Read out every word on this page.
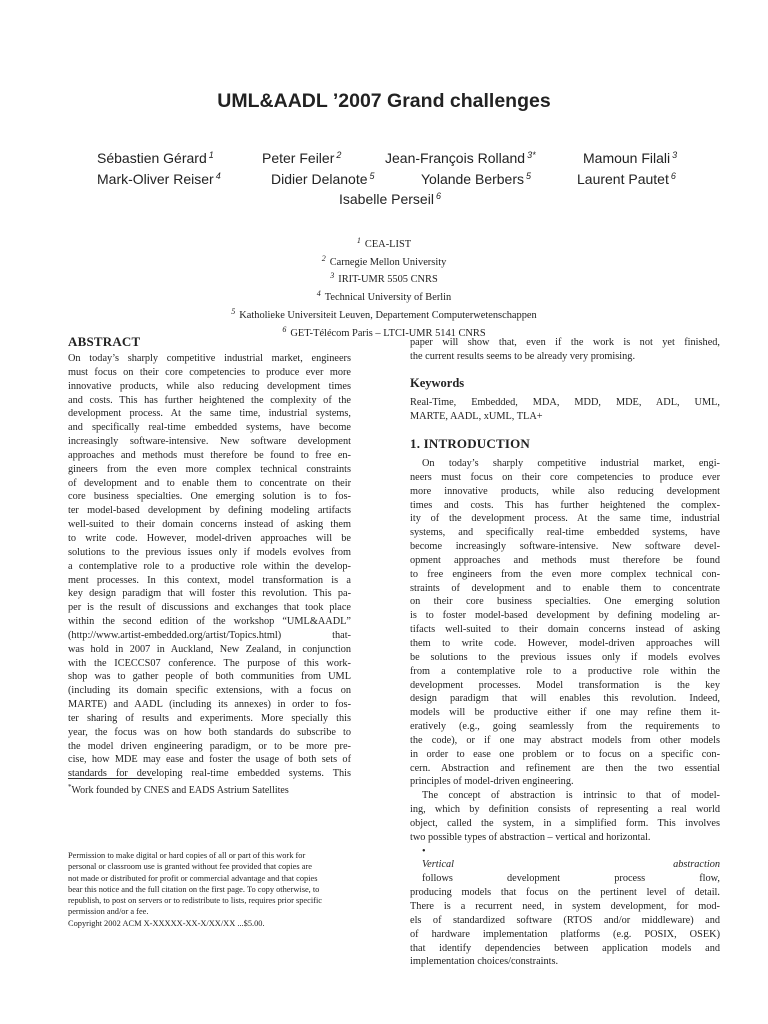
UML&AADL ’2007 Grand challenges
Sébastien Gérard $^1$	Peter Feiler $^2$	Jean-François Rolland $^{3*}$	Mamoun Filali $^3$
Mark-Oliver Reiser $^4$	Didier Delanote $^5$	Yolande Berbers $^5$	Laurent Pautet $^6$
Isabelle Perseil $^6$
$^1$ CEA-LIST
$^2$ Carnegie Mellon University
$^3$ IRIT-UMR 5505 CNRS
$^4$ Technical University of Berlin
$^5$ Katholieke Universiteit Leuven, Departement Computerwetenschappen
$^6$ GET-Télécom Paris – LTCI-UMR 5141 CNRS
ABSTRACT
On today’s sharply competitive industrial market, engineers
must focus on their core competencies to produce ever more
innovative products, while also reducing development times
and costs. This has further heightened the complexity of the
development process. At the same time, industrial systems,
and specifically real-time embedded systems, have become
increasingly software-intensive. New software development
approaches and methods must therefore be found to free en-
gineers from the even more complex technical constraints
of development and to enable them to concentrate on their
core business specialties. One emerging solution is to fos-
ter model-based development by defining modeling artifacts
well-suited to their domain concerns instead of asking them
to write code. However, model-driven approaches will be
solutions to the previous issues only if models evolves from
a contemplative role to a productive role within the develop-
ment processes. In this context, model transformation is a
key design paradigm that will foster this revolution. This pa-
per is the result of discussions and exchanges that took place
within the second edition of the workshop “UML&AADL”
(http://www.artist-embedded.org/artist/Topics.html) that-
was hold in 2007 in Auckland, New Zealand, in conjunction
with the ICECCS07 conference. The purpose of this work-
shop was to gather people of both communities from UML
(including its domain specific extensions, with a focus on
MARTE) and AADL (including its annexes) in order to fos-
ter sharing of results and experiments. More specially this
year, the focus was on how both standards do subscribe to
the model driven engineering paradigm, or to be more pre-
cise, how MDE may ease and foster the usage of both sets of
standards for developing real-time embedded systems. This
*Work founded by CNES and EADS Astrium Satellites
Permission to make digital or hard copies of all or part of this work for
personal or classroom use is granted without fee provided that copies are
not made or distributed for profit or commercial advantage and that copies
bear this notice and the full citation on the first page. To copy otherwise, to
republish, to post on servers or to redistribute to lists, requires prior specific
permission and/or a fee.
Copyright 2002 ACM X-XXXXX-XX-X/XX/XX ...$5.00.
paper will show that, even if the work is not yet finished,
the current results seems to be already very promising.
Keywords
Real-Time, Embedded, MDA, MDD, MDE, ADL, UML,
MARTE, AADL, xUML, TLA+
1. INTRODUCTION
On today’s sharply competitive industrial market, engi-
neers must focus on their core competencies to produce ever
more innovative products, while also reducing development
times and costs. This has further heightened the complex-
ity of the development process. At the same time, industrial
systems, and specifically real-time embedded systems, have
become increasingly software-intensive. New software devel-
opment approaches and methods must therefore be found
to free engineers from the even more complex technical con-
straints of development and to enable them to concentrate
on their core business specialties. One emerging solution
is to foster model-based development by defining modeling ar-
tifacts well-suited to their domain concerns instead of asking
them to write code. However, model-driven approaches will
be solutions to the previous issues only if models evolves
from a contemplative role to a productive role within the
development processes. Model transformation is the key
design paradigm that will enables this revolution. Indeed,
models will be productive either if one may refine them it-
eratively (e.g., going seamlessly from the requirements to
the code), or if one may abstract models from other models
in order to ease one problem or to focus on a specific con-
cern. Abstraction and refinement are then the two essential
principles of model-driven engineering.
The concept of abstraction is intrinsic to that of model-
ing, which by definition consists of representing a real world
object, called the system, in a simplified form. This involves
two possible types of abstraction – vertical and horizontal.
•
Vertical abstraction
follows development process flow,
producing models that focus on the pertinent level of detail.
There is a recurrent need, in system development, for mod-
els of standardized software (RTOS and/or middleware) and
of hardware implementation platforms (e.g. POSIX, OSEK)
that identify dependencies between application models and
implementation choices/constraints.
